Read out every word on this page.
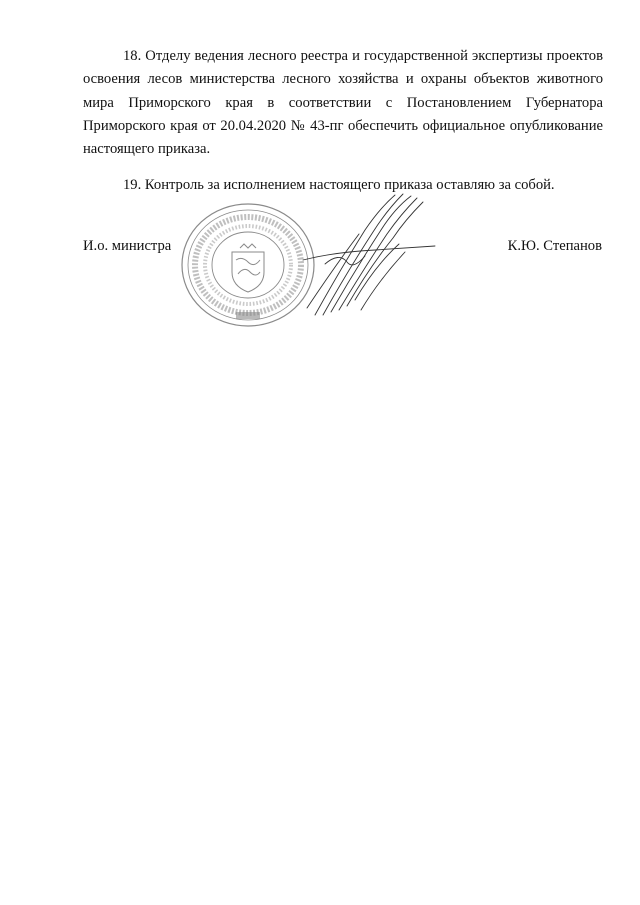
18. Отделу ведения лесного реестра и государственной экспертизы проектов освоения лесов министерства лесного хозяйства и охраны объектов животного мира Приморского края в соответствии с Постановлением Губернатора Приморского края от 20.04.2020 № 43-пг обеспечить официальное опубликование настоящего приказа.

19. Контроль за исполнением настоящего приказа оставляю за собой.

И.о. министра	К.Ю. Степанов
